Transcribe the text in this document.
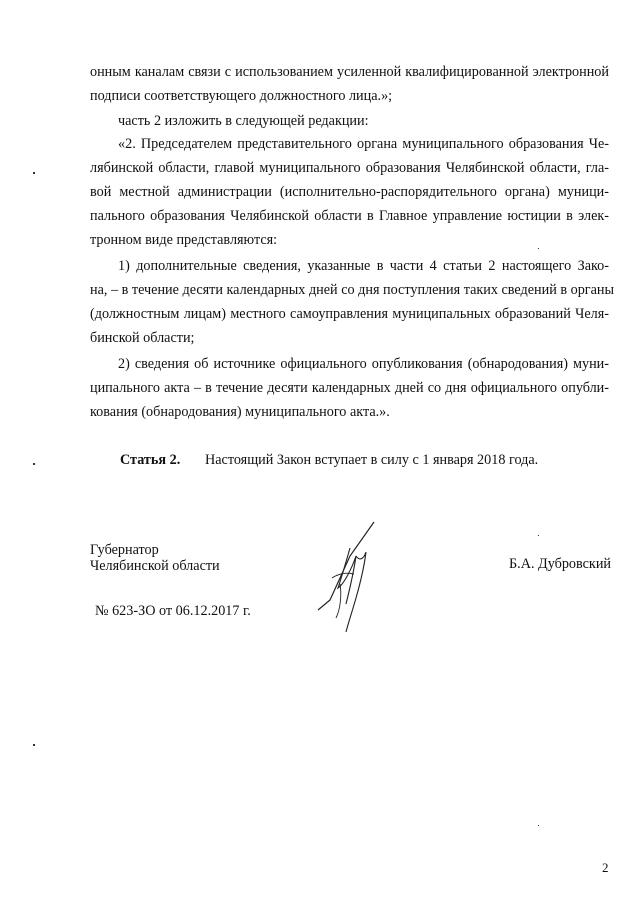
онным каналам связи с использованием усиленной квалифицированной электронной
подписи соответствующего должностного лица.»;
часть 2 изложить в следующей редакции:
«2. Председателем представительного органа муниципального образования Че-
лябинской области, главой муниципального образования Челябинской области, гла-
вой местной администрации (исполнительно-распорядительного органа) муници-
пального образования Челябинской области в Главное управление юстиции в элек-
тронном виде представляются:
1) дополнительные сведения, указанные в части 4 статьи 2 настоящего Зако-
на, – в течение десяти календарных дней со дня поступления таких сведений в органы
(должностным лицам) местного самоуправления муниципальных образований Челя-
бинской области;
2) сведения об источнике официального опубликования (обнародования) муни-
ципального акта – в течение десяти календарных дней со дня официального опубли-
кования (обнародования) муниципального акта.».
Статья 2. Настоящий Закон вступает в силу с 1 января 2018 года.
Губернатор
Челябинской области	Б.А. Дубровский
№ 623-ЗО от 06.12.2017 г.
2
